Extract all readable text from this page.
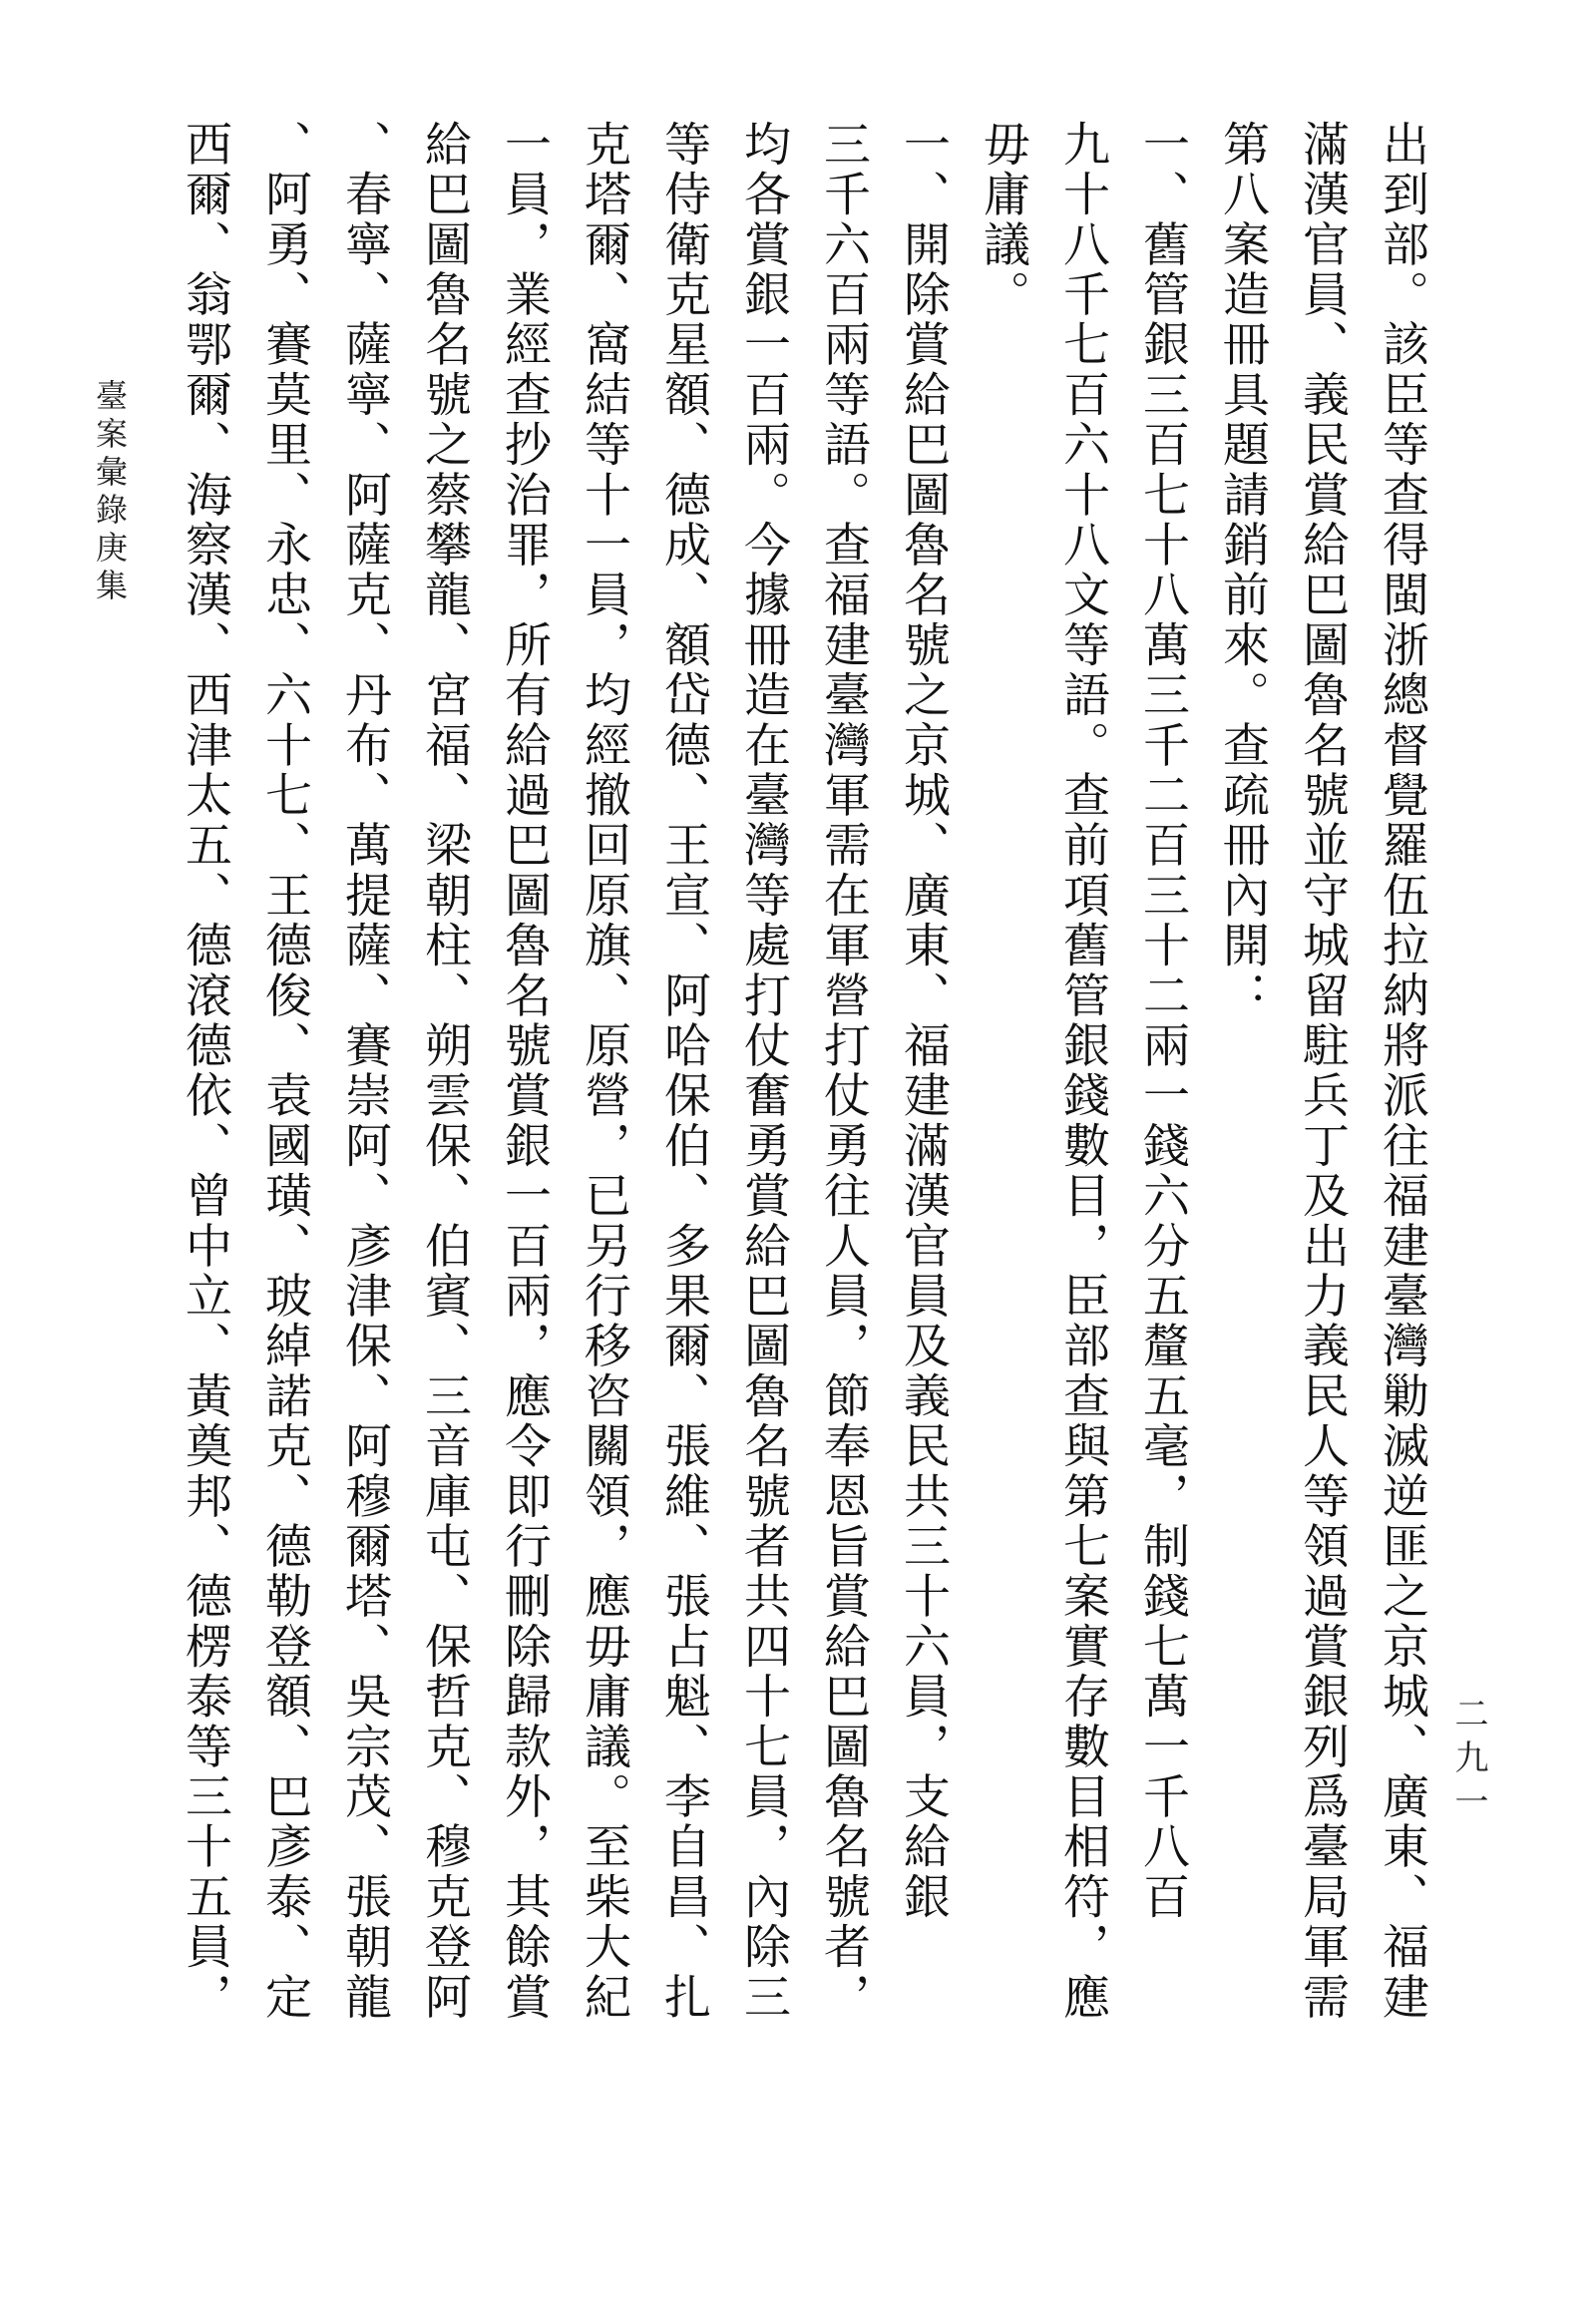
出到部。該臣等查得閩浙總督覺羅伍拉納將派往福建臺灣勦滅逆匪之京城、廣東、福建
滿漢官員、義民賞給巴圖魯名號並守城留駐兵丁及出力義民人等領過賞銀列爲臺局軍需
第八案造冊具題請銷前來。查疏冊內開：
一、舊管銀三百七十八萬三千二百三十二兩一錢六分五釐五毫，制錢七萬一千八百
九十八千七百六十八文等語。查前項舊管銀錢數目，臣部查與第七案實存數目相符，應
毋庸議。
一、開除賞給巴圖魯名號之京城、廣東、福建滿漢官員及義民共三十六員，支給銀
三千六百兩等語。查福建臺灣軍需在軍營打仗勇往人員，節奉恩旨賞給巴圖魯名號者，
均各賞銀一百兩。今據冊造在臺灣等處打仗奮勇賞給巴圖魯名號者共四十七員，內除三
等侍衛克星額、德成、額岱德、王宣、阿哈保伯、多果爾、張維、張占魁、李自昌、扎
克塔爾、窩結等十一員，均經撤回原旗、原營，已另行移咨關領，應毋庸議。至柴大紀
一員，業經查抄治罪，所有給過巴圖魯名號賞銀一百兩，應令即行刪除歸款外，其餘賞
給巴圖魯名號之蔡攀龍、宮福、梁朝柱、朔雲保、伯賓、三音庫屯、保哲克、穆克登阿
、春寧、薩寧、阿薩克、丹布、萬提薩、賽崇阿、彥津保、阿穆爾塔、吳宗茂、張朝龍
、阿勇、賽莫里、永忠、六十七、王德俊、袁國璜、玻綽諾克、德勒登額、巴彥泰、定
西爾、翁鄂爾、海察漢、西津太五、德滾德依、曾中立、黃奠邦、德楞泰等三十五員，	二九一
臺案彙錄庚集
